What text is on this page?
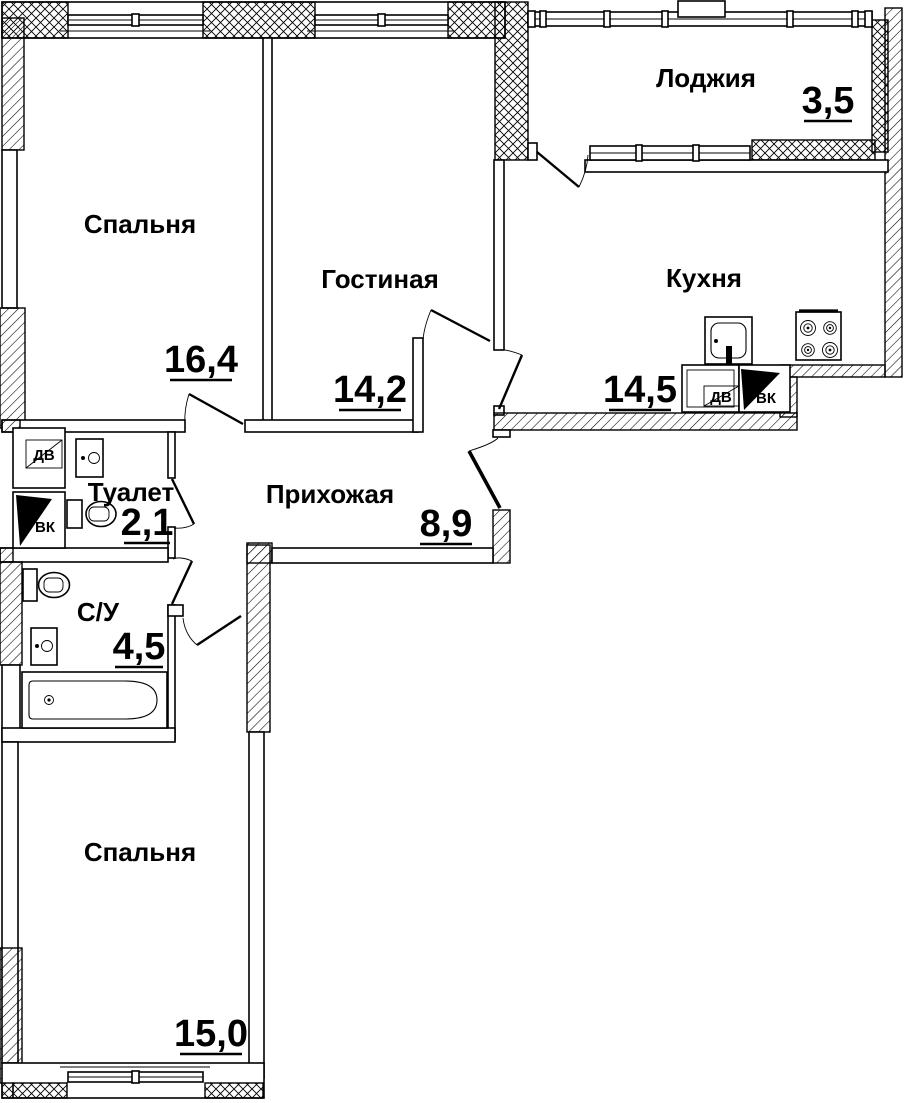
ДВ ВК
ДВ
ВК
Спальня
16,4
Гостиная
14,2
Лоджия
3,5
Кухня
14,5
Прихожая
8,9
Туалет
2,1
С/У
4,5
Спальня
15,0
